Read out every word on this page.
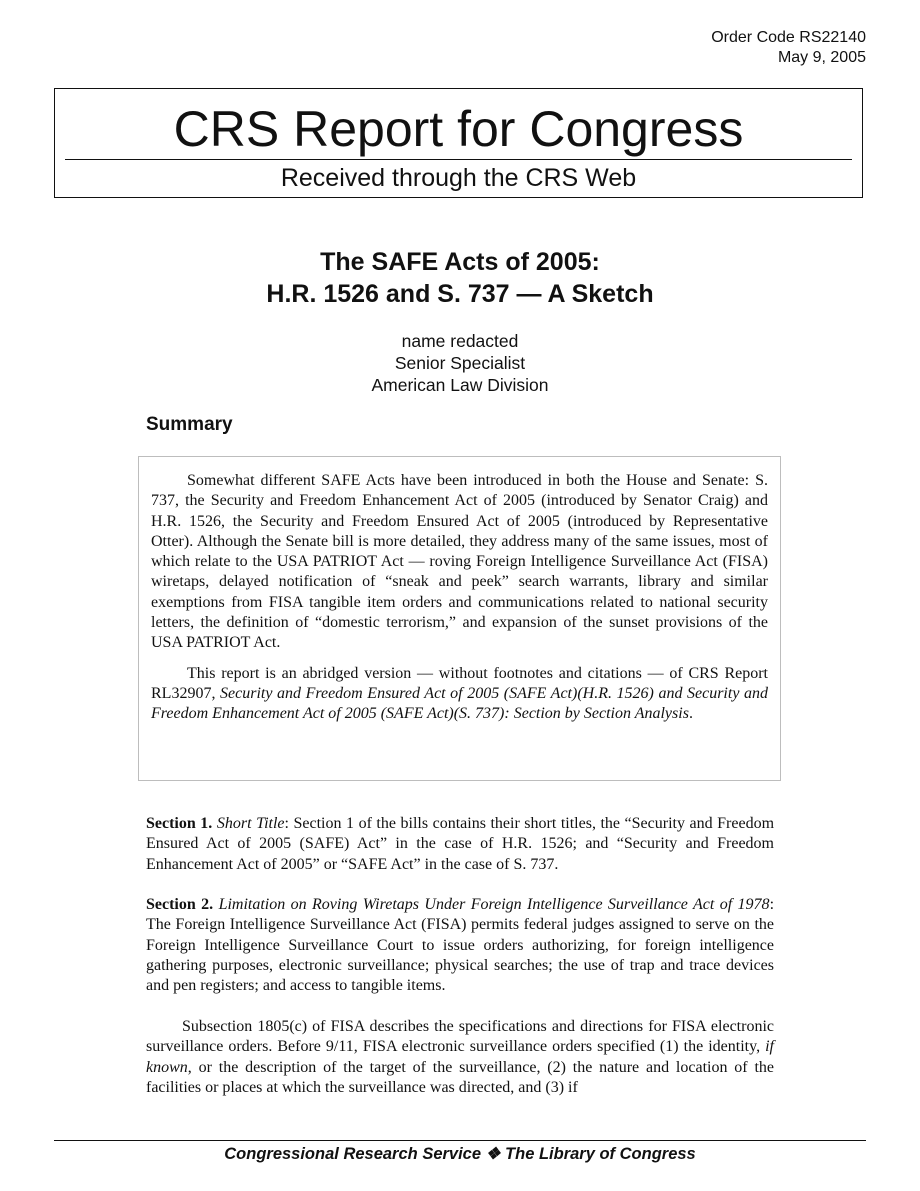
Order Code RS22140
May 9, 2005
CRS Report for Congress
Received through the CRS Web
The SAFE Acts of 2005:
H.R. 1526 and S. 737 — A Sketch
name redacted
Senior Specialist
American Law Division
Summary

Somewhat different SAFE Acts have been introduced in both the House and Senate: S. 737, the Security and Freedom Enhancement Act of 2005 (introduced by Senator Craig) and H.R. 1526, the Security and Freedom Ensured Act of 2005 (introduced by Representative Otter). Although the Senate bill is more detailed, they address many of the same issues, most of which relate to the USA PATRIOT Act — roving Foreign Intelligence Surveillance Act (FISA) wiretaps, delayed notification of “sneak and peek” search warrants, library and similar exemptions from FISA tangible item orders and communications related to national security letters, the definition of “domestic terrorism,” and expansion of the sunset provisions of the USA PATRIOT Act.

This report is an abridged version — without footnotes and citations — of CRS Report RL32907, Security and Freedom Ensured Act of 2005 (SAFE Act)(H.R. 1526) and Security and Freedom Enhancement Act of 2005 (SAFE Act)(S. 737): Section by Section Analysis.

Section 1. Short Title: Section 1 of the bills contains their short titles, the “Security and Freedom Ensured Act of 2005 (SAFE) Act” in the case of H.R. 1526; and “Security and Freedom Enhancement Act of 2005” or “SAFE Act” in the case of S. 737.

Section 2. Limitation on Roving Wiretaps Under Foreign Intelligence Surveillance Act of 1978: The Foreign Intelligence Surveillance Act (FISA) permits federal judges assigned to serve on the Foreign Intelligence Surveillance Court to issue orders authorizing, for foreign intelligence gathering purposes, electronic surveillance; physical searches; the use of trap and trace devices and pen registers; and access to tangible items.

Subsection 1805(c) of FISA describes the specifications and directions for FISA electronic surveillance orders. Before 9/11, FISA electronic surveillance orders specified (1) the identity, if known, or the description of the target of the surveillance, (2) the nature and location of the facilities or places at which the surveillance was directed, and (3) if

Congressional Research Service ❖ The Library of Congress
